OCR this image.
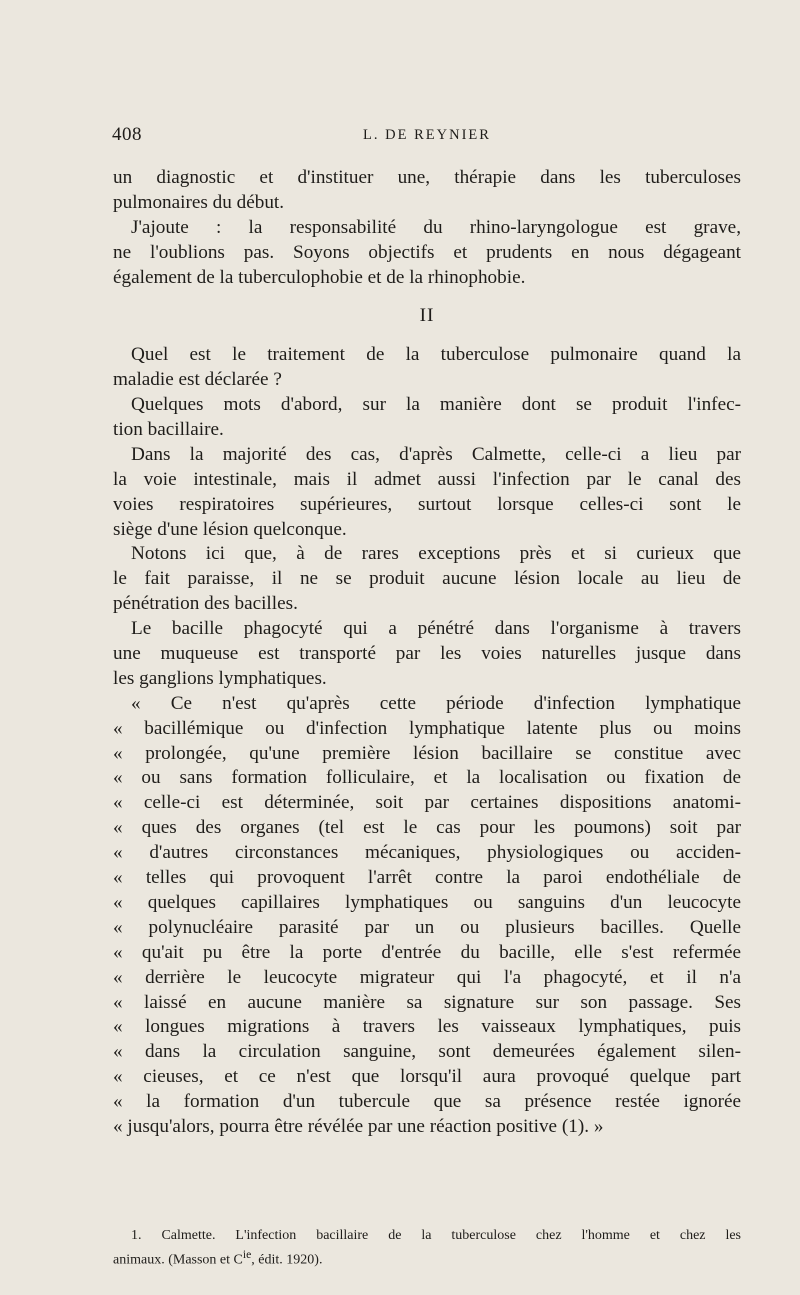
408	L. DE REYNIER
un diagnostic et d'instituer une, thérapie dans les tuberculoses
pulmonaires du début.
J'ajoute : la responsabilité du rhino-laryngologue est grave,
ne l'oublions pas. Soyons objectifs et prudents en nous dégageant
également de la tuberculophobie et de la rhinophobie.
II
Quel est le traitement de la tuberculose pulmonaire quand la
maladie est déclarée ?
Quelques mots d'abord, sur la manière dont se produit l'infec-
tion bacillaire.
Dans la majorité des cas, d'après Calmette, celle-ci a lieu par
la voie intestinale, mais il admet aussi l'infection par le canal des
voies respiratoires supérieures, surtout lorsque celles-ci sont le
siège d'une lésion quelconque.
Notons ici que, à de rares exceptions près et si curieux que
le fait paraisse, il ne se produit aucune lésion locale au lieu de
pénétration des bacilles.
Le bacille phagocyté qui a pénétré dans l'organisme à travers
une muqueuse est transporté par les voies naturelles jusque dans
les ganglions lymphatiques.
« Ce n'est qu'après cette période d'infection lymphatique
« bacillémique ou d'infection lymphatique latente plus ou moins
« prolongée, qu'une première lésion bacillaire se constitue avec
« ou sans formation folliculaire, et la localisation ou fixation de
« celle-ci est déterminée, soit par certaines dispositions anatomi-
« ques des organes (tel est le cas pour les poumons) soit par
« d'autres circonstances mécaniques, physiologiques ou acciden-
« telles qui provoquent l'arrêt contre la paroi endothéliale de
« quelques capillaires lymphatiques ou sanguins d'un leucocyte
« polynucléaire parasité par un ou plusieurs bacilles. Quelle
« qu'ait pu être la porte d'entrée du bacille, elle s'est refermée
« derrière le leucocyte migrateur qui l'a phagocyté, et il n'a
« laissé en aucune manière sa signature sur son passage. Ses
« longues migrations à travers les vaisseaux lymphatiques, puis
« dans la circulation sanguine, sont demeurées également silen-
« cieuses, et ce n'est que lorsqu'il aura provoqué quelque part
« la formation d'un tubercule que sa présence restée ignorée
« jusqu'alors, pourra être révélée par une réaction positive (1). »
1. Calmette. L'infection bacillaire de la tuberculose chez l'homme et chez les
animaux. (Masson et $C^{ie}$, édit. 1920).
